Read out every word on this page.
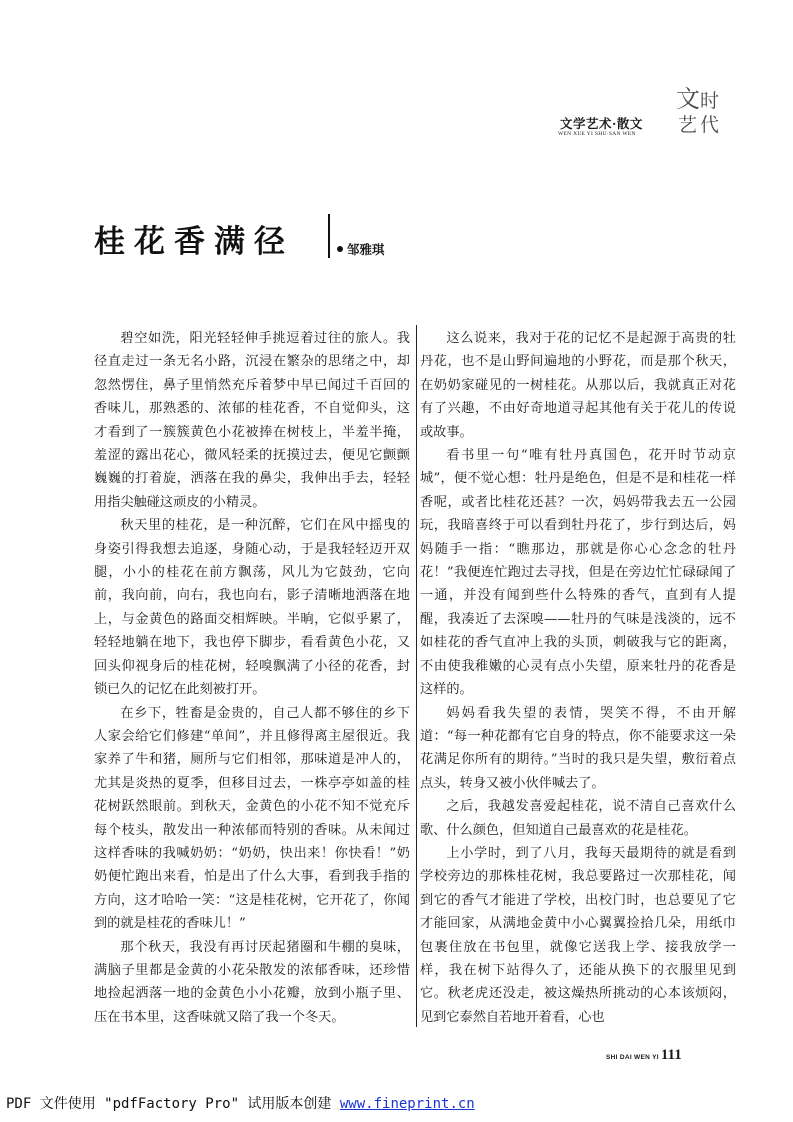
文学艺术·散文
WEN XUE YI SHU·SAN WEN
文 时
艺 代
桂花香满径	邹雅琪

碧空如洗，阳光轻轻伸手挑逗着过往的旅人。我径直走过一条无名小路，沉浸在繁杂的思绪之中，却忽然愣住，鼻子里悄然充斥着梦中早已闻过千百回的香味儿，那熟悉的、浓郁的桂花香，不自觉仰头，这才看到了一簇簇黄色小花被捧在树枝上，半羞半掩，羞涩的露出花心，微风轻柔的抚摸过去，便见它颤颤巍巍的打着旋，洒落在我的鼻尖，我伸出手去，轻轻用指尖触碰这顽皮的小精灵。

秋天里的桂花，是一种沉醉，它们在风中摇曳的身姿引得我想去追逐，身随心动，于是我轻轻迈开双腿，小小的桂花在前方飘荡，风儿为它鼓劲，它向前，我向前，向右，我也向右，影子清晰地洒落在地上，与金黄色的路面交相辉映。半晌，它似乎累了，轻轻地躺在地下，我也停下脚步，看看黄色小花，又回头仰视身后的桂花树，轻嗅飘满了小径的花香，封锁已久的记忆在此刻被打开。

在乡下，牲畜是金贵的，自己人都不够住的乡下人家会给它们修建“单间”，并且修得离主屋很近。我家养了牛和猪，厕所与它们相邻，那味道是冲人的，尤其是炎热的夏季，但移目过去，一株亭亭如盖的桂花树跃然眼前。到秋天，金黄色的小花不知不觉充斥每个枝头，散发出一种浓郁而特别的香味。从未闻过这样香味的我喊奶奶：“奶奶，快出来！你快看！”奶奶便忙跑出来看，怕是出了什么大事，看到我手指的方向，这才哈哈一笑：“这是桂花树，它开花了，你闻到的就是桂花的香味儿！”

那个秋天，我没有再讨厌起猪圈和牛棚的臭味，满脑子里都是金黄的小花朵散发的浓郁香味，还珍惜地捡起洒落一地的金黄色小小花瓣，放到小瓶子里、压在书本里，这香味就又陪了我一个冬天。

这么说来，我对于花的记忆不是起源于高贵的牡丹花，也不是山野间遍地的小野花，而是那个秋天，在奶奶家碰见的一树桂花。从那以后，我就真正对花有了兴趣，不由好奇地道寻起其他有关于花儿的传说或故事。

看书里一句“唯有牡丹真国色，花开时节动京城”，便不觉心想：牡丹是绝色，但是不是和桂花一样香呢，或者比桂花还甚？一次，妈妈带我去五一公园玩，我暗喜终于可以看到牡丹花了，步行到达后，妈妈随手一指：“瞧那边，那就是你心心念念的牡丹花！”我便连忙跑过去寻找，但是在旁边忙忙碌碌闻了一通，并没有闻到些什么特殊的香气，直到有人提醒，我凑近了去深嗅——牡丹的气味是浅淡的，远不如桂花的香气直冲上我的头顶，刺破我与它的距离，不由使我稚嫩的心灵有点小失望，原来牡丹的花香是这样的。

妈妈看我失望的表情，哭笑不得，不由开解道：“每一种花都有它自身的特点，你不能要求这一朵花满足你所有的期待。”当时的我只是失望，敷衍着点点头，转身又被小伙伴喊去了。

之后，我越发喜爱起桂花，说不清自己喜欢什么歌、什么颜色，但知道自己最喜欢的花是桂花。

上小学时，到了八月，我每天最期待的就是看到学校旁边的那株桂花树，我总要路过一次那桂花，闻到它的香气才能进了学校，出校门时，也总要见了它才能回家，从满地金黄中小心翼翼捡拾几朵，用纸巾包裹住放在书包里，就像它送我上学、接我放学一样，我在树下站得久了，还能从换下的衣服里见到它。秋老虎还没走，被这燥热所挑动的心本该烦闷，见到它泰然自若地开着看，心也

SHI DAI WEN YI 111
PDF 文件使用 "pdfFactory Pro" 试用版本创建 www.fineprint.cn
